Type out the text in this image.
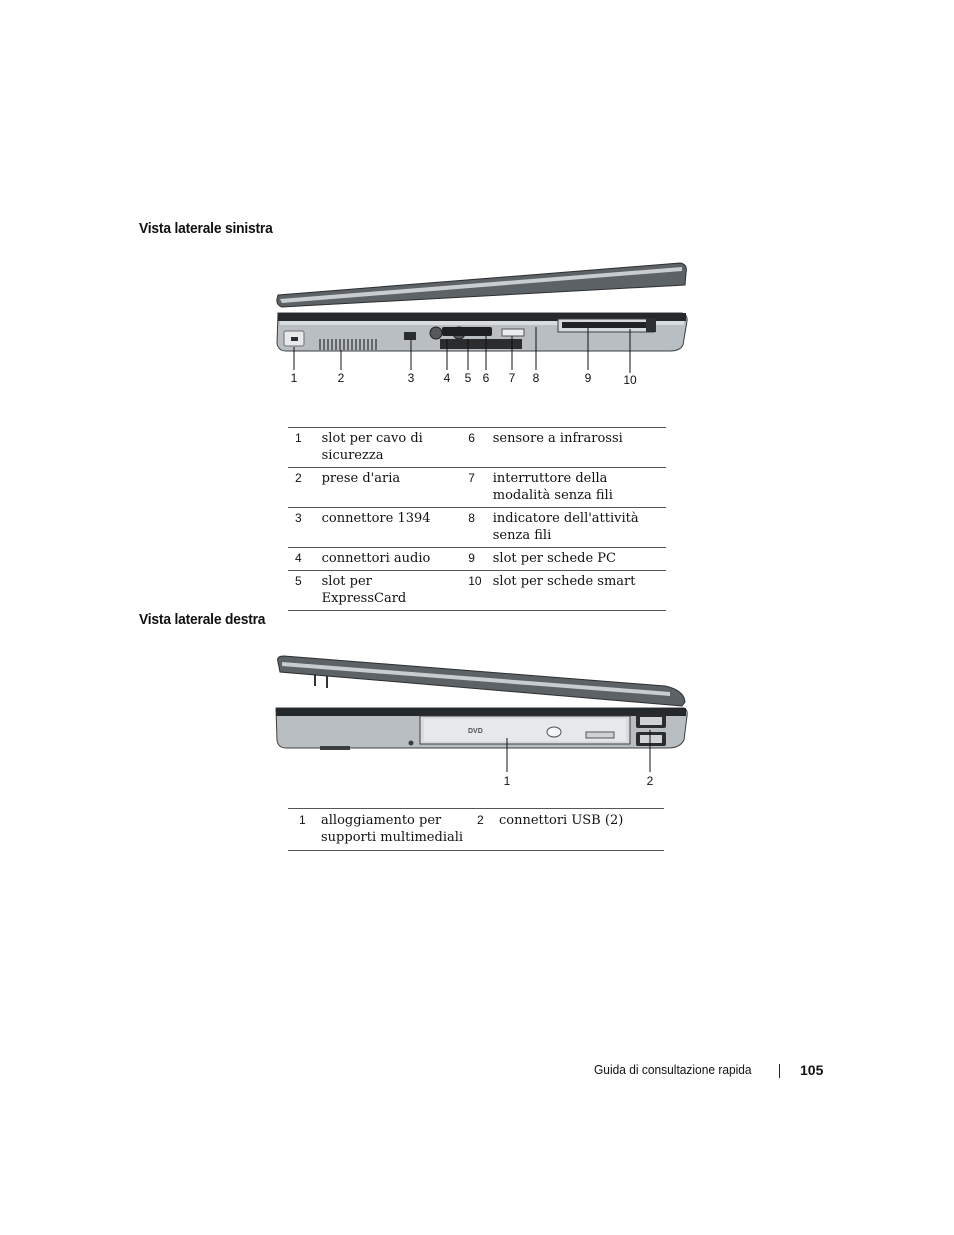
Vista laterale sinistra
1	2	3	4	5 6	7	8	9	10
1	slot per cavo di sicurezza	6	sensore a infrarossi
2	prese d'aria	7	interruttore della modalità senza fili
3	connettore 1394	8	indicatore dell'attività senza fili
4	connettori audio	9	slot per schede PC
5	slot per ExpressCard	10	slot per schede smart
Vista laterale destra
DVD
1	2
1	alloggiamento per supporti multimediali	2	connettori USB (2)
Guida di consultazione rapida	105
